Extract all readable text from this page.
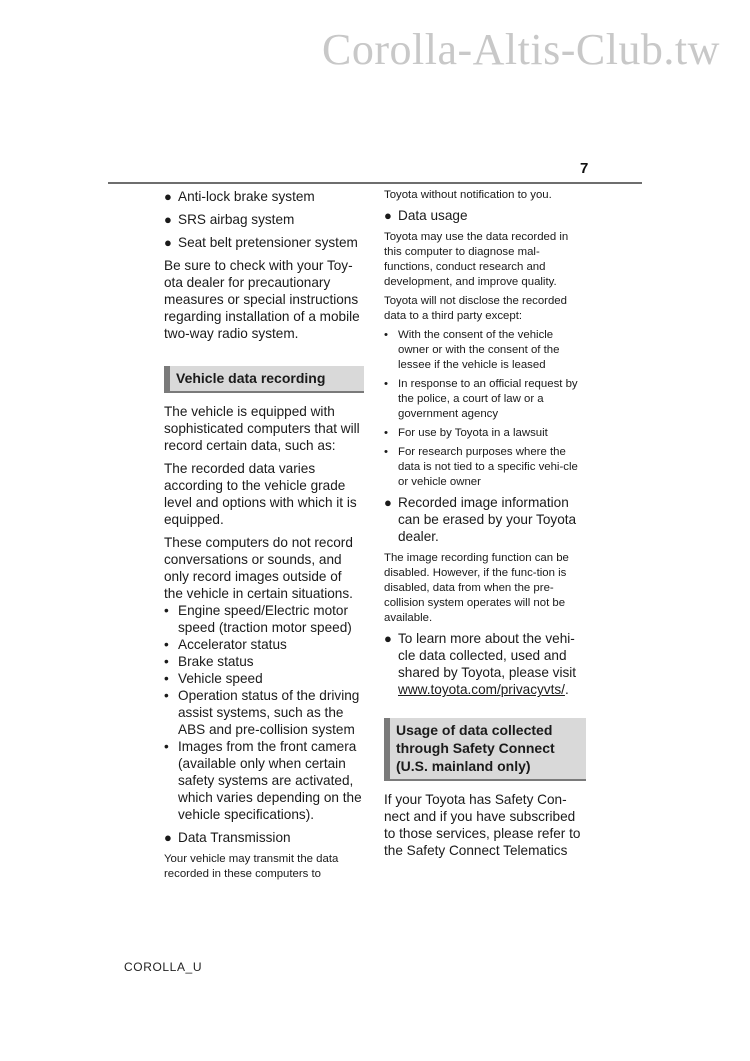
Corolla-Altis-Club.tw
7
● Anti-lock brake system
● SRS airbag system
● Seat belt pretensioner system

Be sure to check with your Toy-ota dealer for precautionary measures or special instructions regarding installation of a mobile two-way radio system.

Vehicle data recording

The vehicle is equipped with sophisticated computers that will record certain data, such as:

The recorded data varies according to the vehicle grade level and options with which it is equipped.

These computers do not record conversations or sounds, and only record images outside of the vehicle in certain situations.

• Engine speed/Electric motor speed (traction motor speed)
• Accelerator status
• Brake status
• Vehicle speed
• Operation status of the driving assist systems, such as the ABS and pre-collision system
• Images from the front camera (available only when certain safety systems are activated, which varies depending on the vehicle specifications).
● Data Transmission

Your vehicle may transmit the data recorded in these computers to

Toyota without notification to you.

● Data usage

Toyota may use the data recorded in this computer to diagnose mal-functions, conduct research and development, and improve quality.

Toyota will not disclose the recorded data to a third party except:

• With the consent of the vehicle owner or with the consent of the lessee if the vehicle is leased
• In response to an official request by the police, a court of law or a government agency
• For use by Toyota in a lawsuit
• For research purposes where the data is not tied to a specific vehi-cle or vehicle owner
● Recorded image information can be erased by your Toyota dealer.

The image recording function can be disabled. However, if the func-tion is disabled, data from when the pre-collision system operates will not be available.

● To learn more about the vehi-cle data collected, used and shared by Toyota, please visit www.toyota.com/privacyvts/.
Usage of data collected through Safety Connect (U.S. mainland only)

If your Toyota has Safety Con-nect and if you have subscribed to those services, please refer to the Safety Connect Telematics

COROLLA_U
